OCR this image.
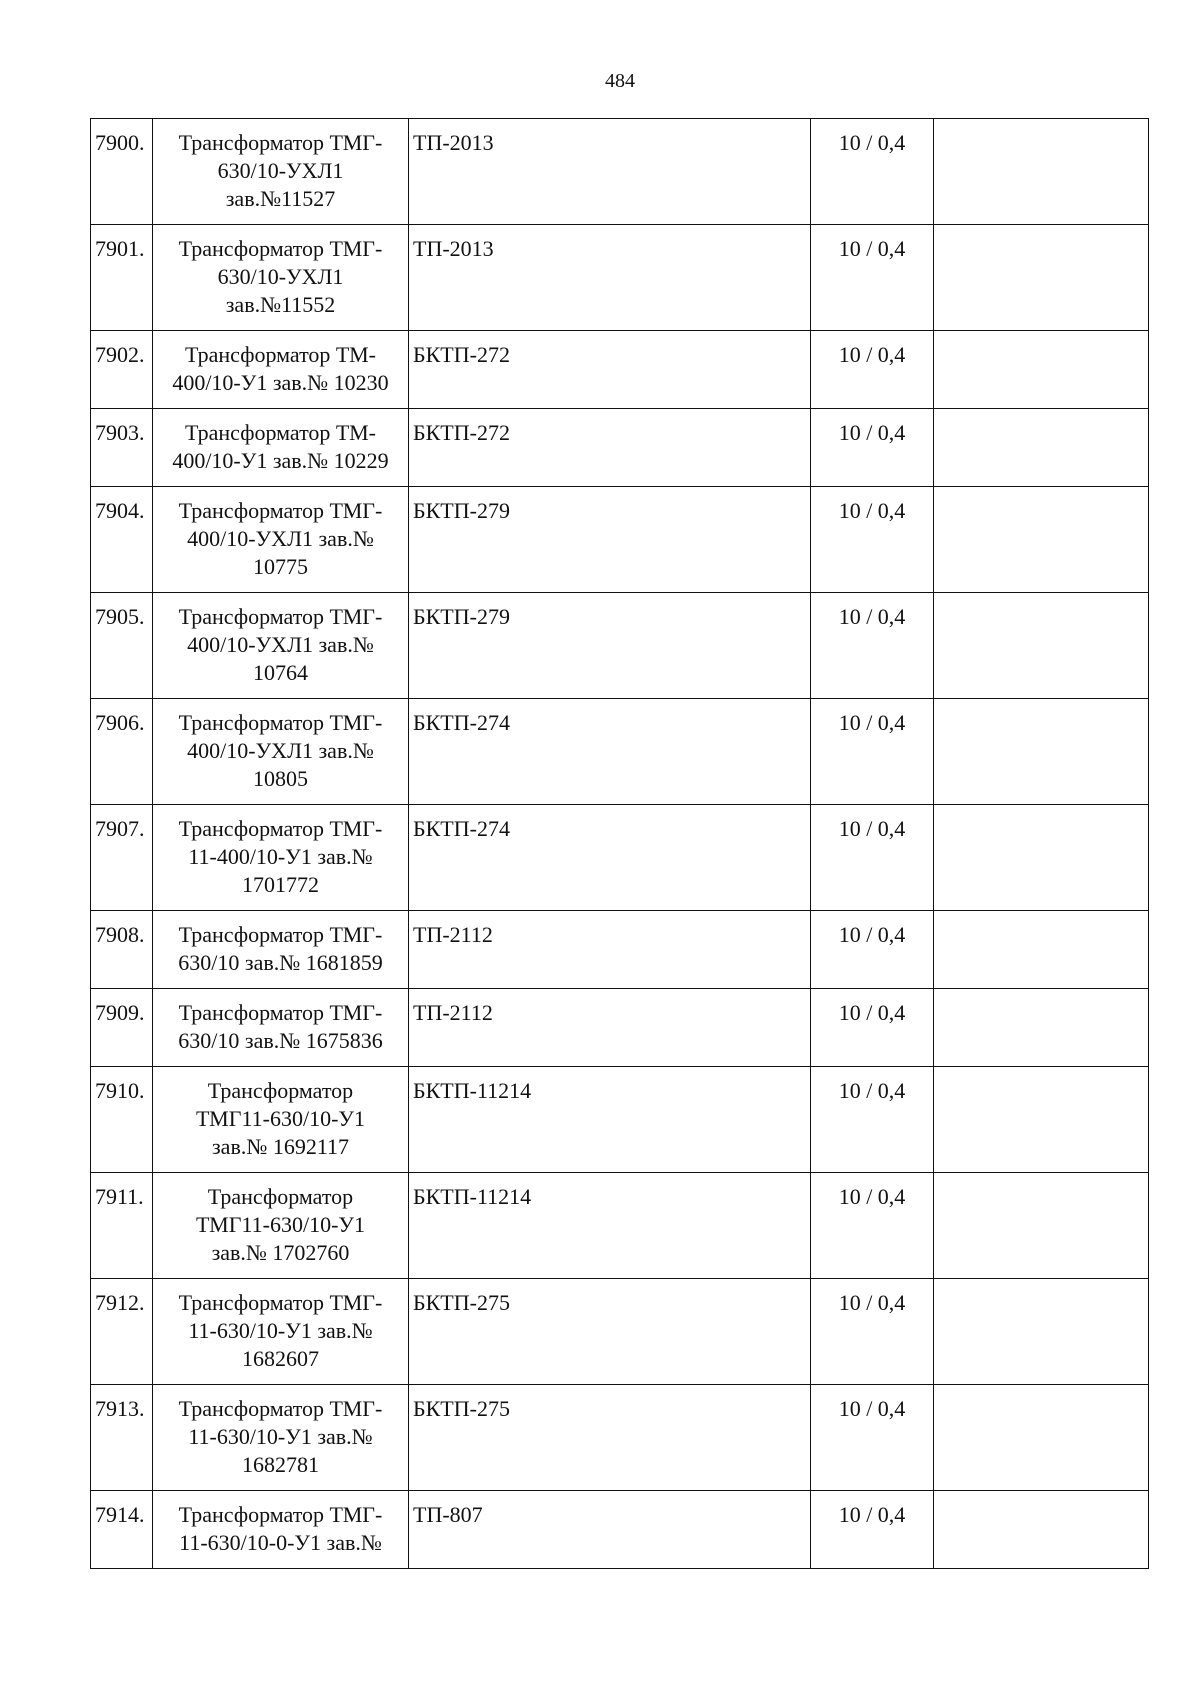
484
7900.	Трансформатор ТМГ-
630/10-УХЛ1
зав.№11527	ТП-2013	10 / 0,4	
7901.	Трансформатор ТМГ-
630/10-УХЛ1
зав.№11552	ТП-2013	10 / 0,4	
7902.	Трансформатор ТМ-
400/10-У1 зав.№ 10230	БКТП-272	10 / 0,4	
7903.	Трансформатор ТМ-
400/10-У1 зав.№ 10229	БКТП-272	10 / 0,4	
7904.	Трансформатор ТМГ-
400/10-УХЛ1 зав.№
10775	БКТП-279	10 / 0,4	
7905.	Трансформатор ТМГ-
400/10-УХЛ1 зав.№
10764	БКТП-279	10 / 0,4	
7906.	Трансформатор ТМГ-
400/10-УХЛ1 зав.№
10805	БКТП-274	10 / 0,4	
7907.	Трансформатор ТМГ-
11-400/10-У1 зав.№
1701772	БКТП-274	10 / 0,4	
7908.	Трансформатор ТМГ-
630/10 зав.№ 1681859	ТП-2112	10 / 0,4	
7909.	Трансформатор ТМГ-
630/10 зав.№ 1675836	ТП-2112	10 / 0,4	
7910.	Трансформатор
ТМГ11-630/10-У1
зав.№ 1692117	БКТП-11214	10 / 0,4	
7911.	Трансформатор
ТМГ11-630/10-У1
зав.№ 1702760	БКТП-11214	10 / 0,4	
7912.	Трансформатор ТМГ-
11-630/10-У1 зав.№
1682607	БКТП-275	10 / 0,4	
7913.	Трансформатор ТМГ-
11-630/10-У1 зав.№
1682781	БКТП-275	10 / 0,4	
7914.	Трансформатор ТМГ-
11-630/10-0-У1 зав.№	ТП-807	10 / 0,4	
